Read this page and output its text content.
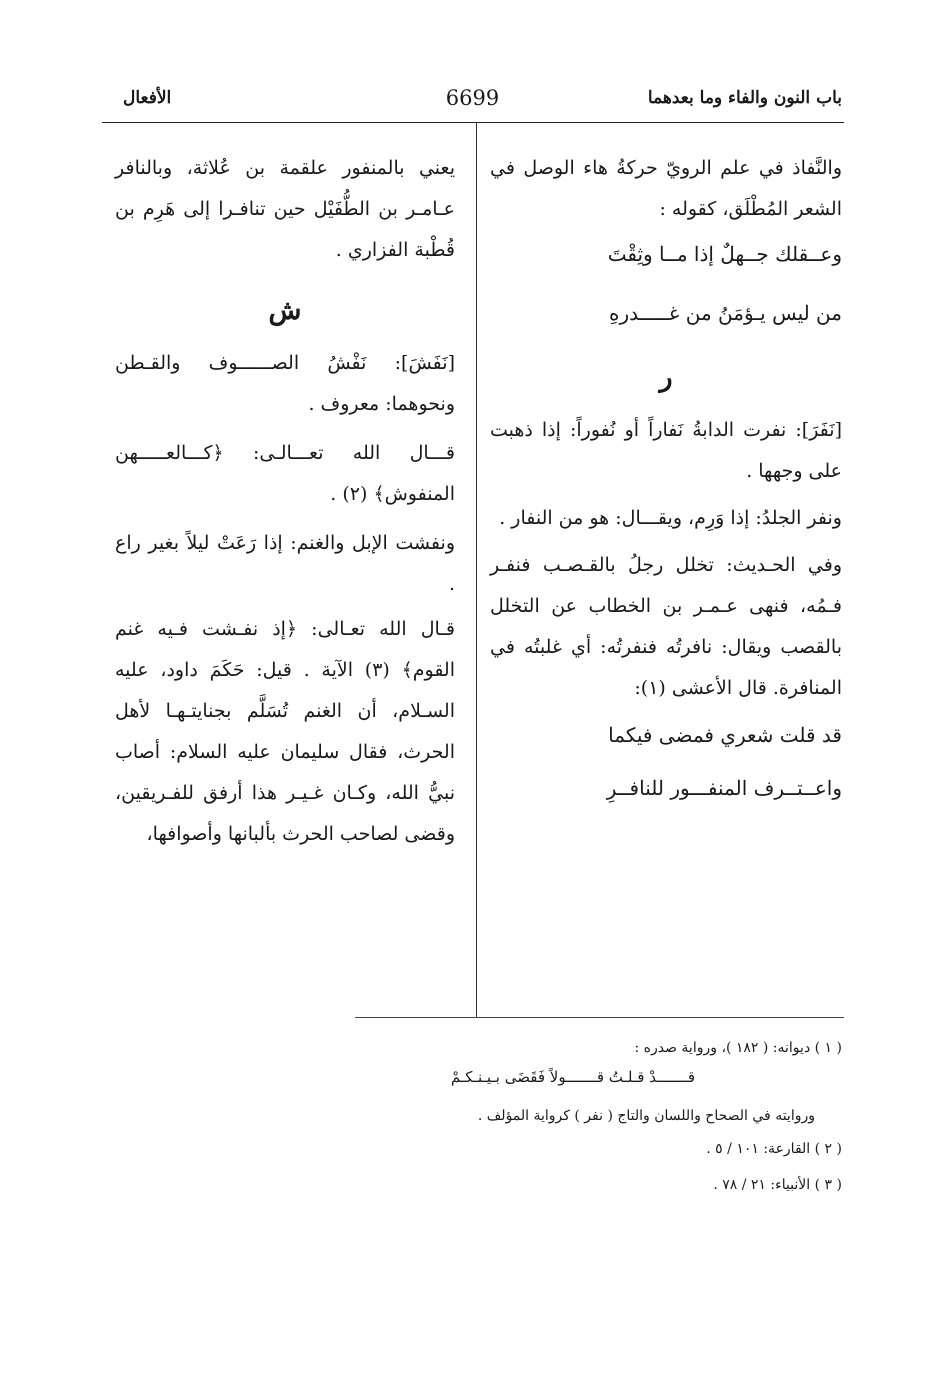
باب النون والفاء وما بعدهما
6699
الأفعال

والنَّفاذ في علم الرويّ حركةُ هاء الوصل في الشعر المُطْلَق، كقوله :

وعــقلك جــهلٌ إذا مــا وثِقْتَ

من ليس يـؤمَنُ من غـــــدرهِ

ر

[نَفَرَ]: نفرت الدابةُ نَفاراً أو نُفوراً: إذا ذهبت على وجهها .

ونفر الجلدُ: إذا وَرِم، ويقـــال: هو من النفار .

وفي الحـديث: تخلل رجلُ بالقـصـب فنفـر فـمُه، فنهى عـمـر بن الخطاب عن التخلل بالقصب ويقال: نافرتُه فنفرتُه: أي غلبتُه في المنافرة. قال الأعشى (١):

قد قلت شعري فمضى فيكما

واعــتــرف المنفـــور للنافــرِ

يعني بالمنفور علقمة بن عُلاثة، وبالنافر عـامـر بن الطُّفَيْل حين تنافـرا إلى هَرِم بن قُطْبة الفزاري .

ش

[نَفَشَ]: نَفْشُ الصــــــوف والقـطن ونحوهما: معروف .

قـــال الله تعـــالـى: ﴿كـــالعـــــهن المنفوش﴾ (٢) .

ونفشت الإبل والغنم: إذا رَعَتْ ليلاً بغير راع .

قـال الله تعـالى: ﴿إذ نفـشت فـيه غنم القوم﴾ (٣) الآية . قيل: حَكَمَ داود، عليه السـلام، أن الغنم تُسَلَّم بجنايتـهـا لأهل الحرث، فقال سليمان عليه السلام: أصاب نبيُّ الله، وكـان غـيـر هذا أرفق للفـريقين، وقضى لصاحب الحرث بألبانها وأصوافها،

( ١ ) ديوانه: ( ١٨٢ )، ورواية صدره :
قـــــــدْ قـلـتُ قـــــــولاً فَقَضَى بـيـنـكـمْ
وروايته في الصحاح واللسان والتاج ( نفر ) كرواية المؤلف .
( ٢ ) القارعة: ١٠١ / ٥ .
( ٣ ) الأنبياء: ٢١ / ٧٨ .
